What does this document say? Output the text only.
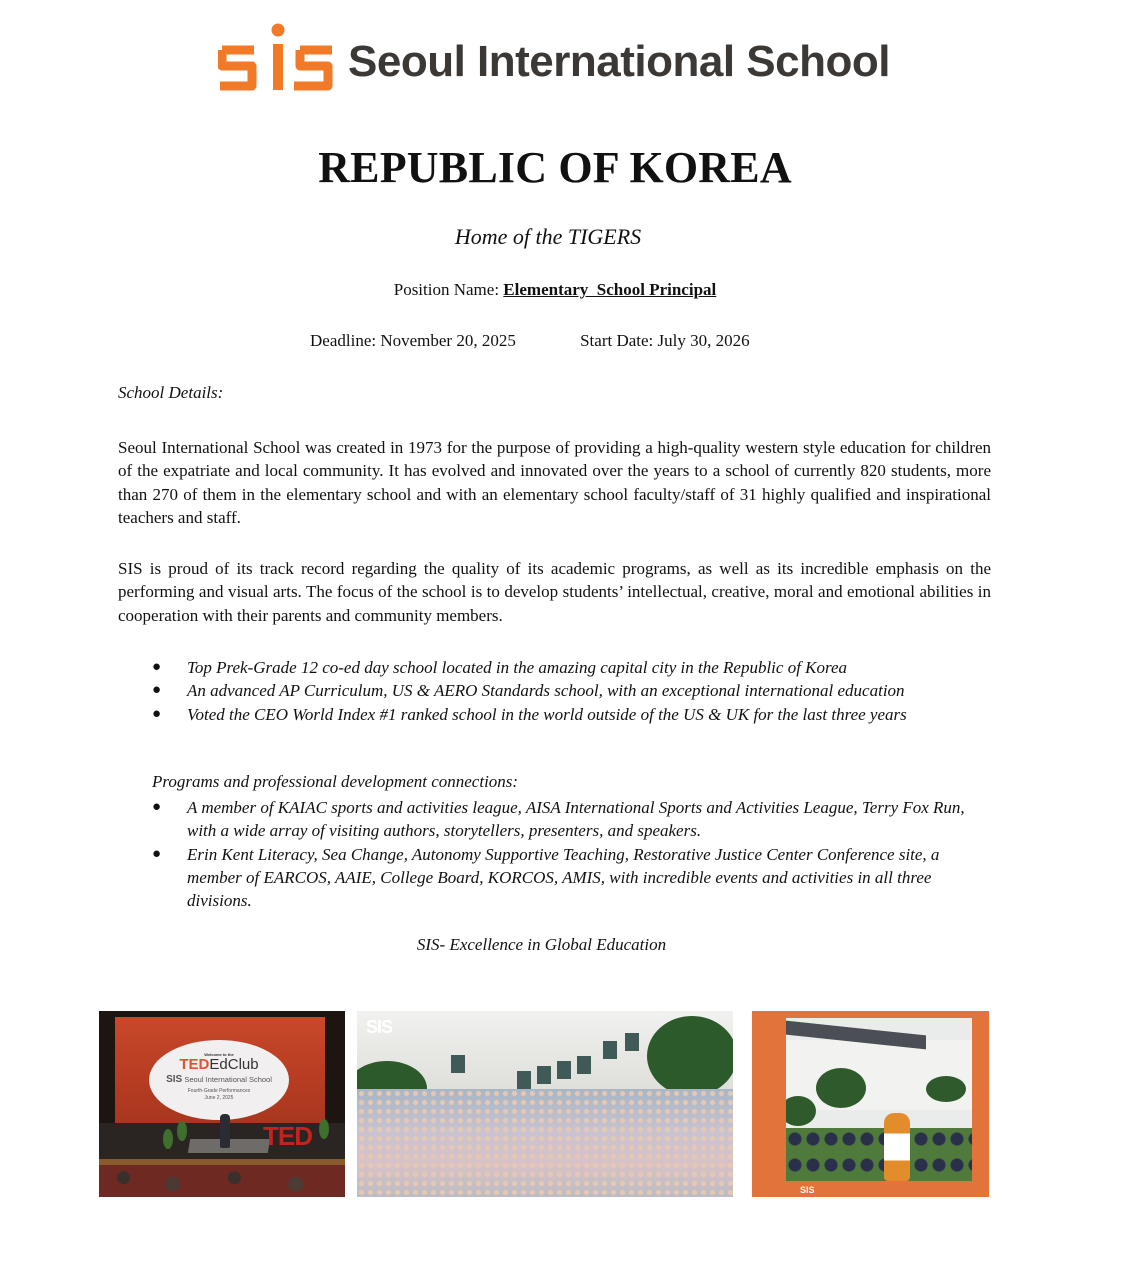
Seoul International School
REPUBLIC OF KOREA
Home of the TIGERS
Position Name: Elementary  School Principal
Deadline: November 20, 2025	Start Date: July 30, 2026
School Details:
Seoul International School was created in 1973 for the purpose of providing a high-quality western style education for children of the expatriate and local community. It has evolved and innovated over the years to a school of currently 820 students, more than 270 of them in the elementary school and with an elementary school faculty/staff of 31 highly qualified and inspirational teachers and staff.
SIS is proud of its track record regarding the quality of its academic programs, as well as its incredible emphasis on the performing and visual arts. The focus of the school is to develop students’ intellectual, creative, moral and emotional abilities in cooperation with their parents and community members.
●	Top Prek-Grade 12 co-ed day school located in the amazing capital city in the Republic of Korea
●	An advanced AP Curriculum, US & AERO Standards school, with an exceptional international education
●	Voted the CEO World Index #1 ranked school in the world outside of the US & UK for the last three years
Programs and professional development connections:
●	A member of KAIAC sports and activities league, AISA International Sports and Activities League, Terry Fox Run, with a wide array of visiting authors, storytellers, presenters, and speakers.
●	Erin Kent Literacy, Sea Change, Autonomy Supportive Teaching, Restorative Justice Center Conference site, a member of EARCOS, AAIE, College Board, KORCOS, AMIS, with incredible events and activities in all three divisions.
SIS- Excellence in Global Education
Welcome to the
TEDEdClub
SIS Seoul International School
Fourth-Grade Performances
June 2, 2025
TED
SIS
SIS
